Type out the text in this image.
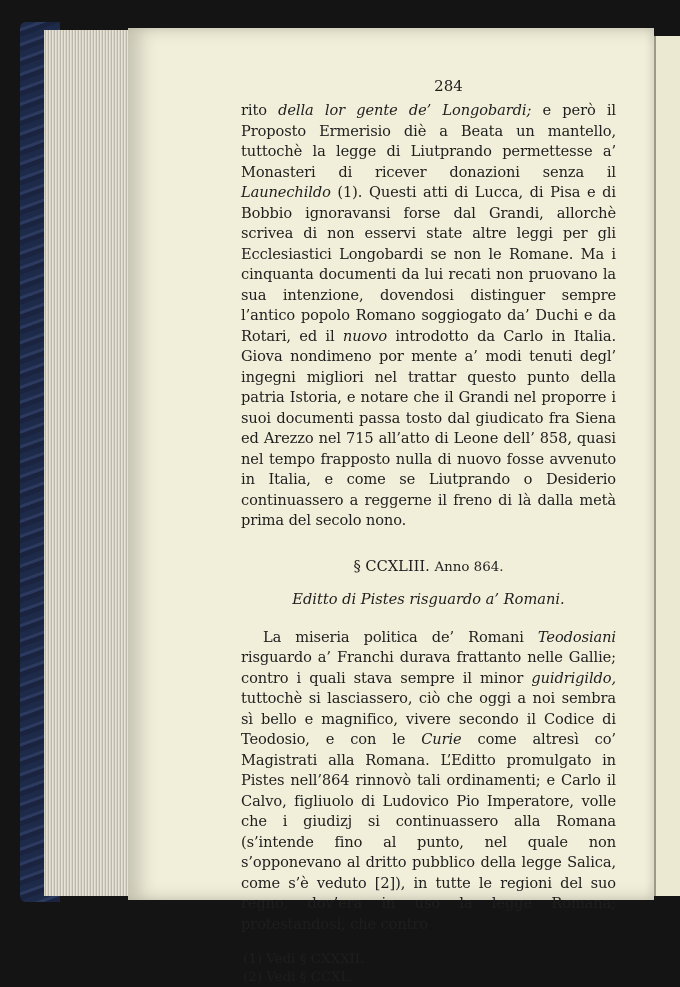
284

rito della lor gente de’ Longobardi; e però il Proposto Ermerisio diè a Beata un mantello, tuttochè la legge di Liutprando permettesse a’ Monasteri di ricever donazioni senza il Launechildo (1). Questi atti di Lucca, di Pisa e di Bobbio ignoravansi forse dal Grandi, allorchè scrivea di non esservi state altre leggi per gli Ecclesiastici Longobardi se non le Romane. Ma i cinquanta documenti da lui recati non pruovano la sua intenzione, dovendosi distinguer sempre l’antico popolo Romano soggiogato da’ Duchi e da Rotari, ed il nuovo introdotto da Carlo in Italia. Giova nondimeno por mente a’ modi tenuti degl’ ingegni migliori nel trattar questo punto della patria Istoria, e notare che il Grandi nel proporre i suoi documenti passa tosto dal giudicato fra Siena ed Arezzo nel 715 all’atto di Leone dell’ 858, quasi nel tempo frapposto nulla di nuovo fosse avvenuto in Italia, e come se Liutprando o Desiderio continuassero a reggerne il freno di là dalla metà prima del secolo nono.

§ CCXLIII. Anno 864.
Editto di Pistes risguardo a’ Romani.

La miseria politica de’ Romani Teodosiani risguardo a’ Franchi durava frattanto nelle Gallie; contro i quali stava sempre il minor guidrigildo, tuttochè si lasciassero, ciò che oggi a noi sembra sì bello e magnifico, vivere secondo il Codice di Teodosio, e con le Curie come altresì co’ Magistrati alla Romana. L’Editto promulgato in Pistes nell’864 rinnovò tali ordinamenti; e Carlo il Calvo, figliuolo di Ludovico Pio Imperatore, volle che i giudizj si continuassero alla Romana (s’intende fino al punto, nel quale non s’opponevano al dritto pubblico della legge Salica, come s’è veduto [2]), in tutte le regioni del suo regno, dov’era in uso la legge Romana; protestandosi, che contro

(1) Vedi § CXXXII.
(2) Vedi § CCXL.
